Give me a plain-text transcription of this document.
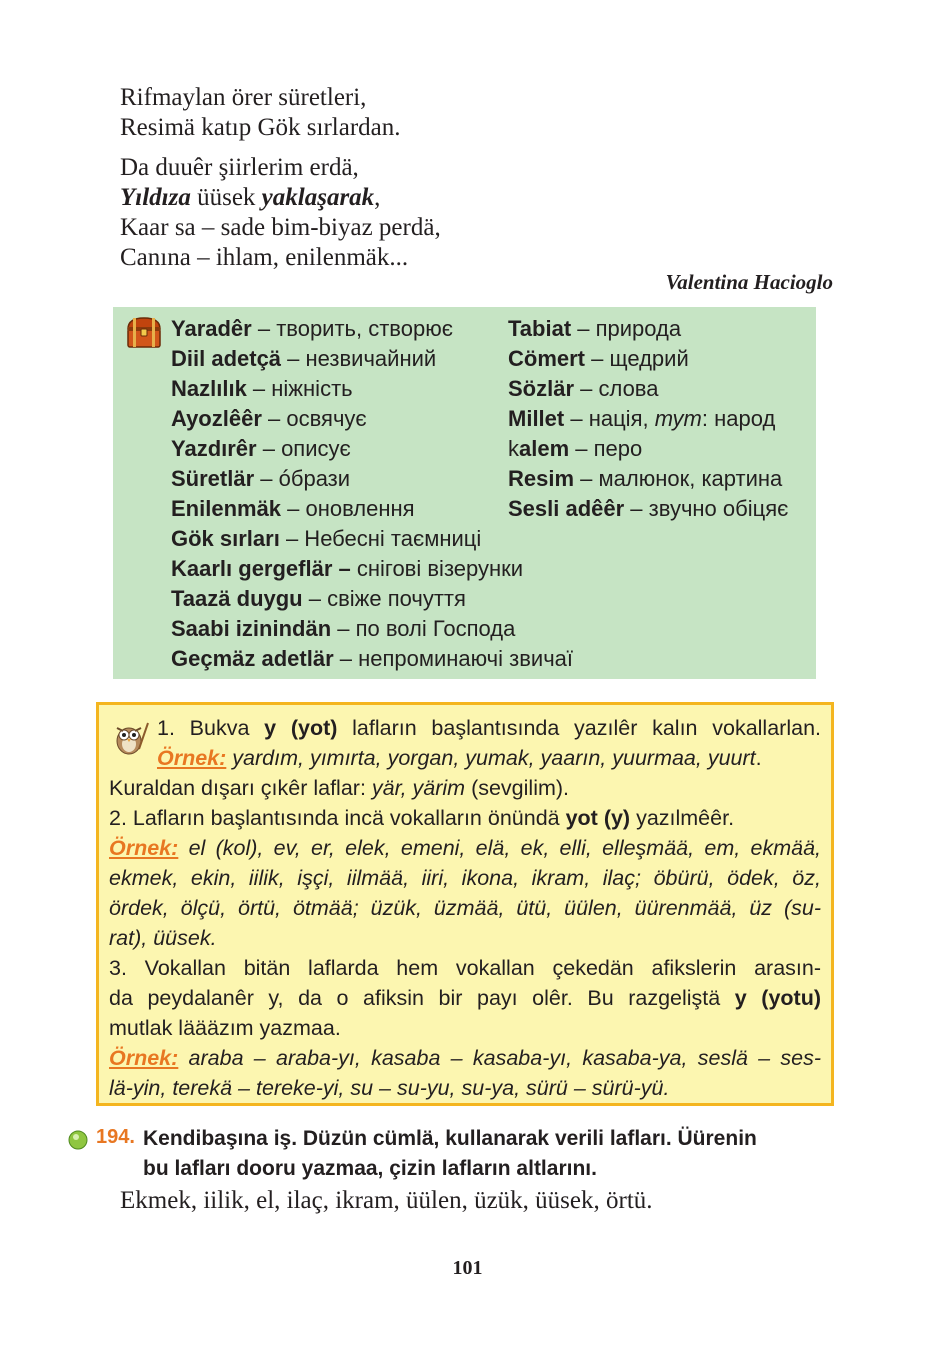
Rifmaylan örer süretleri,
Resimä katıp Gök sırlardan.
Da duuêr şiirlerim erdä,
Yıldıza üüsek yaklaşarak,
Kaar sa – sade bim-biyaz perdä,
Canına – ihlam, enilenmäk...
Valentina Hacioglo
Yaradêr – творить, створює
Diil adetçä – незвичайний
Nazlılık – ніжність
Ayozlêêr – освячує
Yazdırêr – описує
Süretlär – óбрази
Enilenmäk – оновлення
Gök sırları – Небесні таємниці
Kaarlı gergeflär – снігові візерунки
Taazä duygu – свіже почуття
Saabi izinindän – по волі Господа
Geçmäz adetlär – непроминаючі звичаї
Tabiat – природа
Cömert – щедрий
Sözlär – слова
Millet – нація, тут: народ
kalem – перо
Resim – малюнок, картина
Sesli adêêr – звучно обіцяє
1. Bukva y (yot) lafların başlantısında yazılêr kalın vokallarlan.
Örnek: yardım, yımırta, yorgan, yumak, yaarın, yuurmaa, yuurt.
Kuraldan dışarı çıkêr laflar: yär, yärim (sevgilim).
2. Lafların başlantısında incä vokalların önündä yot (y) yazılmêêr.
Örnek: el (kol), ev, er, elek, emeni, elä, ek, elli, elleşmää, em, ekmää,
ekmek, ekin, iilik, işçi, iilmää, iiri, ikona, ikram, ilaç; öbürü, ödek, öz,
ördek, ölçü, örtü, ötmää; üzük, üzmää, ütü, üülen, üürenmää, üz (su-
rat), üüsek.
3. Vokallan bitän laflarda hem vokallan çekedän afikslerin arasın-
da peydalanêr y, da o afiksin bir payı olêr. Bu razgeliştä y (yotu)
mutlak läääzım yazmaa.
Örnek: araba – araba-yı, kasaba – kasaba-yı, kasaba-ya, seslä – ses-
lä-yin, terekä – tereke-yi, su – su-yu, su-ya, sürü – sürü-yü.
194. Kendibaşına iş. Düzün cümlä, kullanarak verili lafları. Üürenin
bu lafları dooru yazmaa, çizin lafların altlarını.
Ekmek, iilik, el, ilaç, ikram, üülen, üzük, üüsek, örtü.
101
